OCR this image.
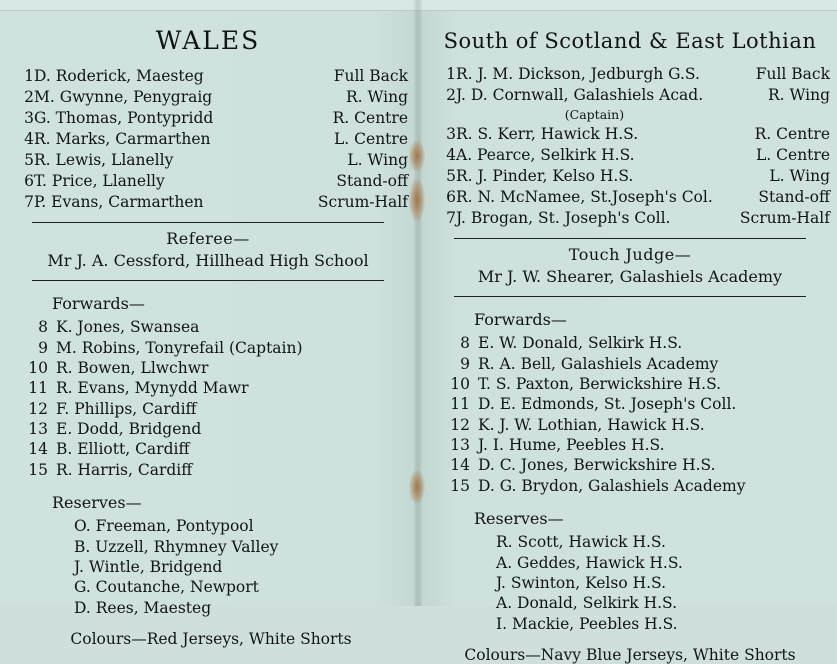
WALES
1	D. Roderick, Maesteg	Full Back
2	M. Gwynne, Penygraig	R. Wing
3	G. Thomas, Pontypridd	R. Centre
4	R. Marks, Carmarthen	L. Centre
5	R. Lewis, Llanelly	L. Wing
6	T. Price, Llanelly	Stand-off
7	P. Evans, Carmarthen	Scrum-Half
Referee—
Mr J. A. Cessford, Hillhead High School
Forwards—
8	K. Jones, Swansea
9	M. Robins, Tonyrefail (Captain)
10	R. Bowen, Llwchwr
11	R. Evans, Mynydd Mawr
12	F. Phillips, Cardiff
13	E. Dodd, Bridgend
14	B. Elliott, Cardiff
15	R. Harris, Cardiff
Reserves—
O. Freeman, Pontypool
B. Uzzell, Rhymney Valley
J. Wintle, Bridgend
G. Coutanche, Newport
D. Rees, Maesteg
Colours—Red Jerseys, White Shorts
South of Scotland & East Lothian
1	R. J. M. Dickson, Jedburgh G.S.	Full Back
2	J. D. Cornwall, Galashiels Acad.	R. Wing
	(Captain)	
3	R. S. Kerr, Hawick H.S.	R. Centre
4	A. Pearce, Selkirk H.S.	L. Centre
5	R. J. Pinder, Kelso H.S.	L. Wing
6	R. N. McNamee, St.Joseph's Col.	Stand-off
7	J. Brogan, St. Joseph's Coll.	Scrum-Half
Touch Judge—
Mr J. W. Shearer, Galashiels Academy
Forwards—
8	E. W. Donald, Selkirk H.S.
9	R. A. Bell, Galashiels Academy
10	T. S. Paxton, Berwickshire H.S.
11	D. E. Edmonds, St. Joseph's Coll.
12	K. J. W. Lothian, Hawick H.S.
13	J. I. Hume, Peebles H.S.
14	D. C. Jones, Berwickshire H.S.
15	D. G. Brydon, Galashiels Academy
Reserves—
R. Scott, Hawick H.S.
A. Geddes, Hawick H.S.
J. Swinton, Kelso H.S.
A. Donald, Selkirk H.S.
I. Mackie, Peebles H.S.
Colours—Navy Blue Jerseys, White Shorts
